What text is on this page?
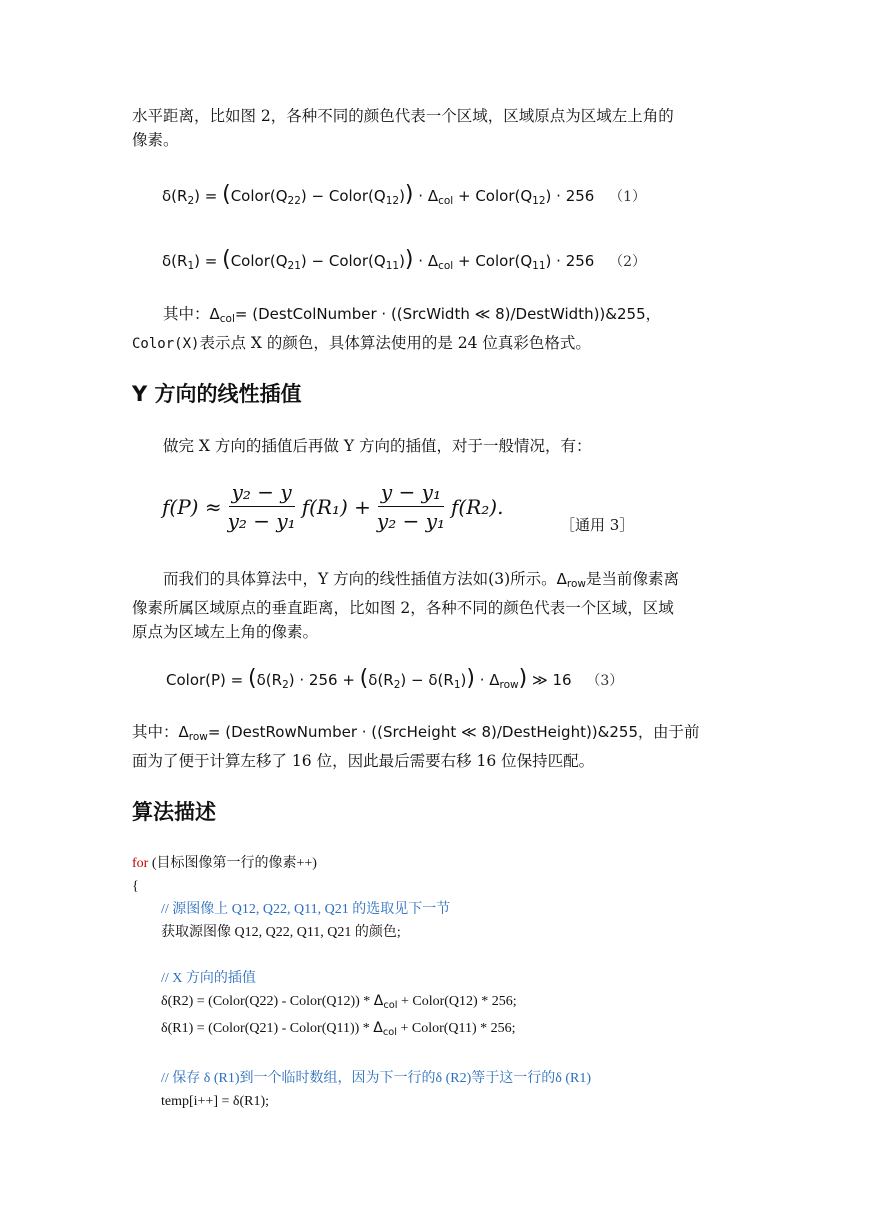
水平距离，比如图 2，各种不同的颜色代表一个区域，区域原点为区域左上角的
像素。
$\delta(R_2)$ = ($Color(Q_{22})$ − $Color(Q_{12})) \cdot \Delta_{col}$ + $Color(Q_{12}) \cdot 256$ （1）
$\delta(R_1)$ = ($Color(Q_{21})$ − $Color(Q_{11})) \cdot \Delta_{col}$ + $Color(Q_{11}) \cdot 256$ （2）
其中：$\Delta_{col}=$ (DestColNumber · ((SrcWidth ≪ 8)/DestWidth))&255，
Color(X)表示点 X 的颜色，具体算法使用的是 24 位真彩色格式。
Y 方向的线性插值
做完 X 方向的插值后再做 Y 方向的插值，对于一般情况，有：
$f(P) \approx \frac{\text{y₂ − y}}{\text{y₂ − y₁}} f(R_1) + \frac{\text{y − y₁}}{\text{y₂ − y₁}} f(R_2)$.
［通用 3］
而我们的具体算法中，Y 方向的线性插值方法如(3)所示。$\Delta_{row}$是当前像素离
像素所属区域原点的垂直距离，比如图 2，各种不同的颜色代表一个区域，区域
原点为区域左上角的像素。
Color(P) = $(\delta(R_2) \cdot 256 + (\delta(R_2) - \delta(R_1)) \cdot \Delta_{row})$ ≫ 16 （3）
其中：$\Delta_{row}=$ (DestRowNumber · ((SrcHeight ≪ 8)/DestHeight))&255，由于前
面为了便于计算左移了 16 位，因此最后需要右移 16 位保持匹配。
算法描述
for (目标图像第一行的像素++)
{
// 源图像上 Q12, Q22, Q11, Q21 的选取见下一节
获取源图像 Q12, Q22, Q11, Q21 的颜色;
// X 方向的插值
δ(R2) = (Color(Q22) - Color(Q12)) * $\Delta_{col}$ + Color(Q12) * 256;
δ(R1) = (Color(Q21) - Color(Q11)) * $\Delta_{col}$ + Color(Q11) * 256;
// 保存 δ (R1)到一个临时数组，因为下一行的δ (R2)等于这一行的δ (R1)
temp[i++] = δ(R1);
